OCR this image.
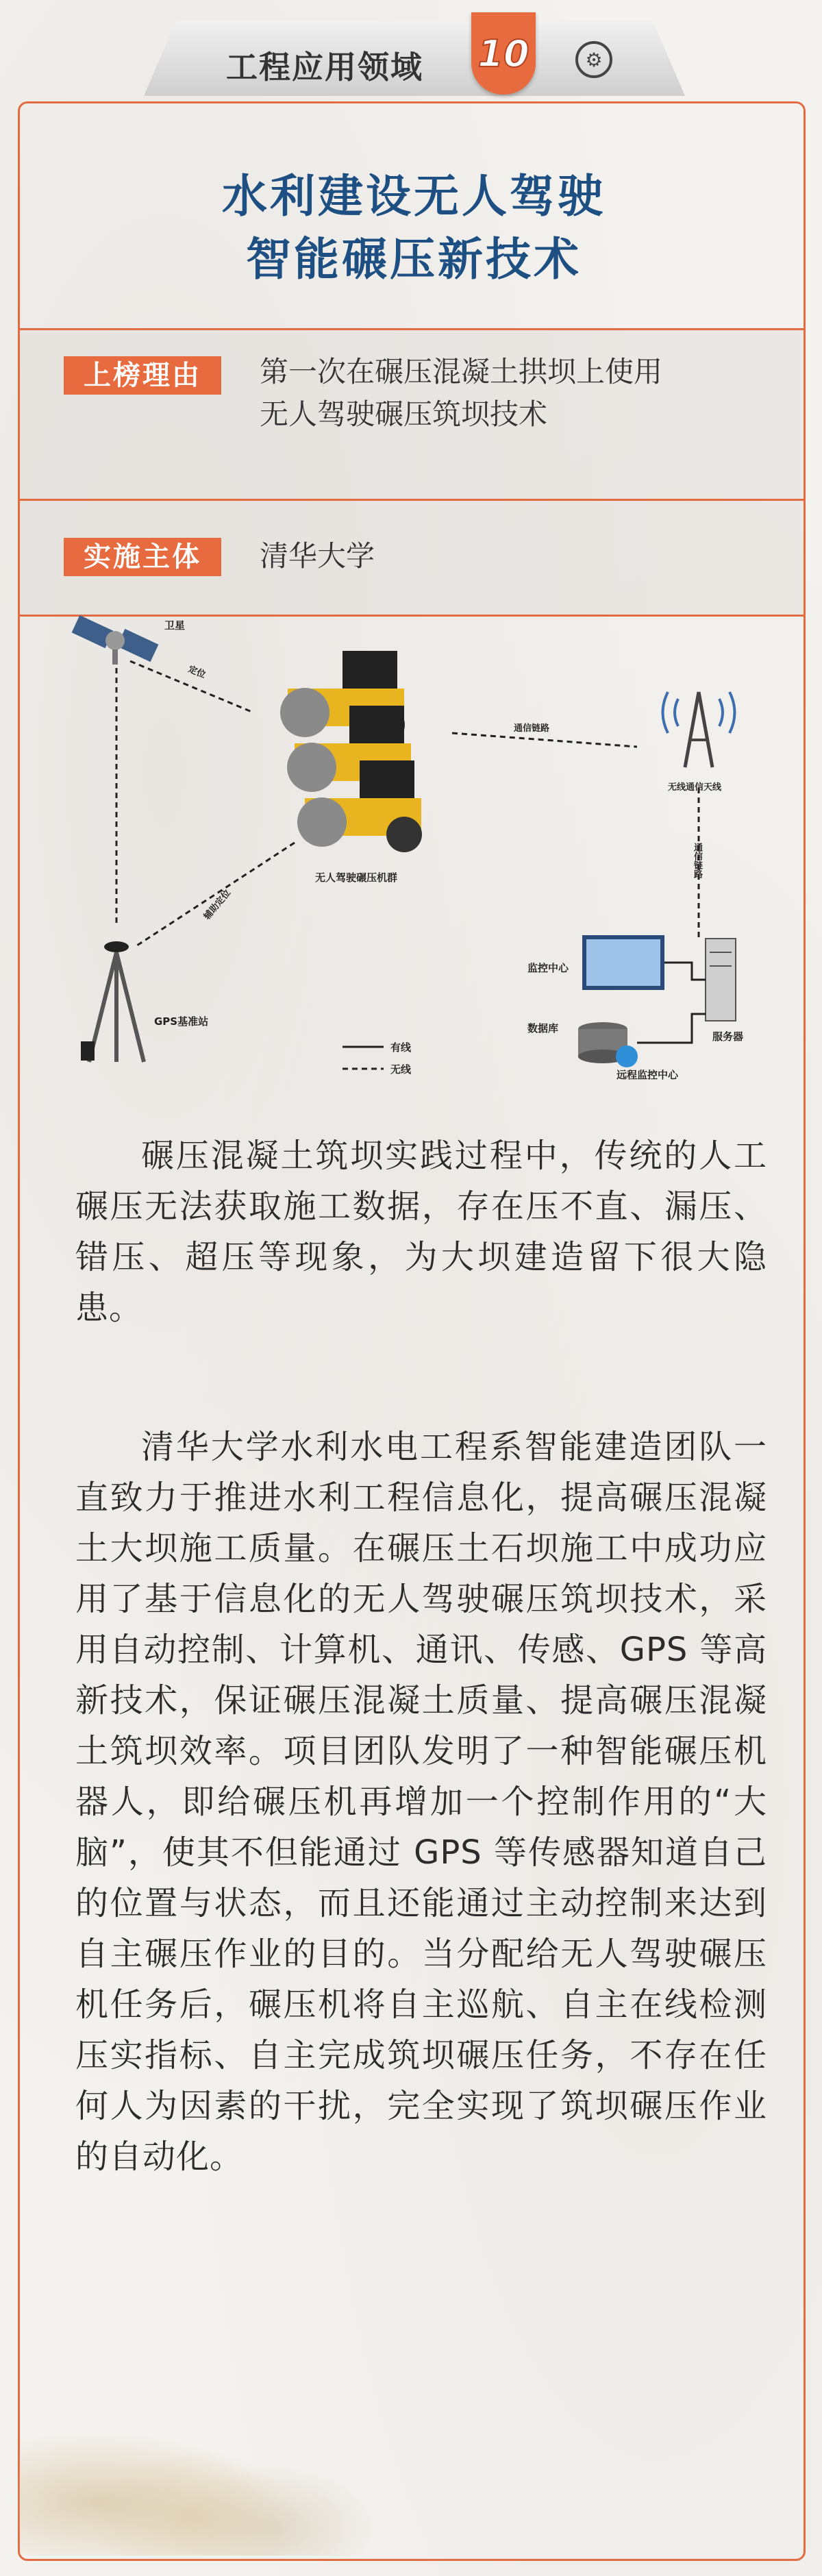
工程应用领域	10	⚙
水利建设无人驾驶
智能碾压新技术
上榜理由	第一次在碾压混凝土拱坝上使用
无人驾驶碾压筑坝技术
实施主体	清华大学
卫星
定位
无人驾驶碾压机群
通信链路
无线通信天线
通信链路
辅助定位
GPS基准站
监控中心
数据库
服务器
远程监控中心
有线
无线
碾压混凝土筑坝实践过程中，传统的人工碾压无法获取施工数据，存在压不直、漏压、错压、超压等现象，为大坝建造留下很大隐患。
清华大学水利水电工程系智能建造团队一直致力于推进水利工程信息化，提高碾压混凝土大坝施工质量。在碾压土石坝施工中成功应用了基于信息化的无人驾驶碾压筑坝技术，采用自动控制、计算机、通讯、传感、GPS 等高新技术，保证碾压混凝土质量、提高碾压混凝土筑坝效率。项目团队发明了一种智能碾压机器人，即给碾压机再增加一个控制作用的“大脑”，使其不但能通过 GPS 等传感器知道自己的位置与状态，而且还能通过主动控制来达到自主碾压作业的目的。当分配给无人驾驶碾压机任务后，碾压机将自主巡航、自主在线检测压实指标、自主完成筑坝碾压任务，不存在任何人为因素的干扰，完全实现了筑坝碾压作业的自动化。
